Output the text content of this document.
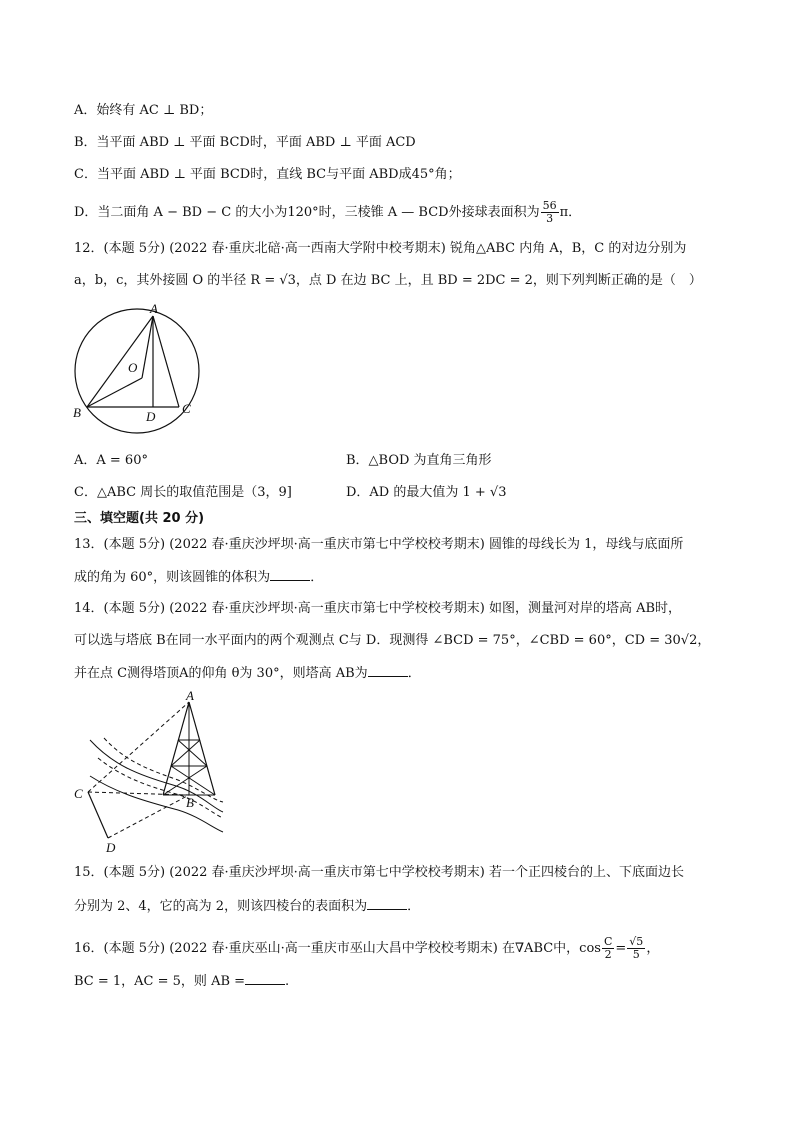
A．始终有 AC ⊥ BD；
B．当平面 ABD ⊥ 平面 BCD时，平面 ABD ⊥ 平面 ACD
C．当平面 ABD ⊥ 平面 BCD时，直线 BC与平面 ABD成45°角；
D．当二面角 A − BD − C 的大小为120°时，三棱锥 A — BCD外接球表面积为 $\frac{56}{3}$ π．
12．(本题 5分) (2022 春·重庆北碚·高一西南大学附中校考期末) 锐角△ABC 内角 A，B，C 的对边分别为
a，b，c，其外接圆 O 的半径 R = √3，点 D 在边 BC 上，且 BD = 2DC = 2，则下列判断正确的是（　）
A
O
B	D
C
A．A = 60°	B．△BOD 为直角三角形
C．△ABC 周长的取值范围是（3，9]	D．AD 的最大值为 1 + √3
三、填空题(共 20 分)
13．(本题 5分) (2022 春·重庆沙坪坝·高一重庆市第七中学校校考期末) 圆锥的母线长为 1，母线与底面所
成的角为 60°，则该圆锥的体积为	．
14．(本题 5分) (2022 春·重庆沙坪坝·高一重庆市第七中学校校考期末) 如图，测量河对岸的塔高 AB时，
可以选与塔底 B在同一水平面内的两个观测点 C与 D．现测得 ∠BCD = 75°，∠CBD = 60°，CD = 30√2，
并在点 C测得塔顶A的仰角 θ为 30°，则塔高 AB为	．
A
B
C
D
15．(本题 5分) (2022 春·重庆沙坪坝·高一重庆市第七中学校校考期末) 若一个正四棱台的上、下底面边长
分别为 2、4，它的高为 2，则该四棱台的表面积为	．
16．(本题 5分) (2022 春·重庆巫山·高一重庆市巫山大昌中学校校考期末) 在∇ABC中，$\cos \frac{C}{2} = \frac{√5}{5}$ ，
BC = 1，AC = 5，则 AB =	.
